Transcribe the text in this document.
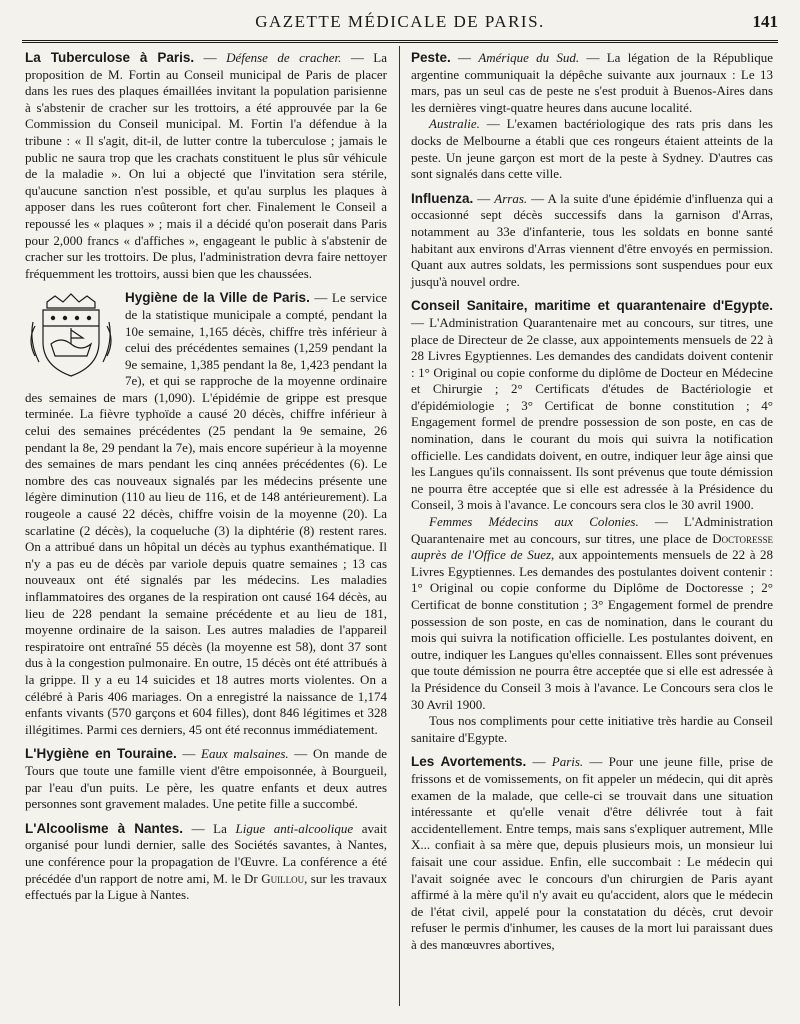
GAZETTE MÉDICALE DE PARIS.	141

La Tuberculose à Paris. — Défense de cracher. — La proposition de M. Fortin au Conseil municipal de Paris de placer dans les rues des plaques émaillées invitant la population parisienne à s'abstenir de cracher sur les trottoirs, a été approuvée par la 6e Commission du Conseil municipal. M. Fortin l'a défendue à la tribune : « Il s'agit, dit-il, de lutter contre la tuberculose ; jamais le public ne saura trop que les crachats constituent le plus sûr véhicule de la maladie ». On lui a objecté que l'invitation sera stérile, qu'aucune sanction n'est possible, et qu'au surplus les plaques à apposer dans les rues coûteront fort cher. Finalement le Conseil a repoussé les « plaques » ; mais il a décidé qu'on poserait dans Paris pour 2,000 francs « d'affiches », engageant le public à s'abstenir de cracher sur les trottoirs. De plus, l'administration devra faire nettoyer fréquemment les trottoirs, aussi bien que les chaussées.

Hygiène de la Ville de Paris. — Le service de la statistique municipale a compté, pendant la 10e semaine, 1,165 décès, chiffre très inférieur à celui des précédentes semaines (1,259 pendant la 9e semaine, 1,385 pendant la 8e, 1,423 pendant la 7e), et qui se rapproche de la moyenne ordinaire des semaines de mars (1,090). L'épidémie de grippe est presque terminée. La fièvre typhoïde a causé 20 décès, chiffre inférieur à celui des semaines précédentes (25 pendant la 9e semaine, 26 pendant la 8e, 29 pendant la 7e), mais encore supérieur à la moyenne des semaines de mars pendant les cinq années précédentes (6). Le nombre des cas nouveaux signalés par les médecins présente une légère diminution (110 au lieu de 116, et de 148 antérieurement). La rougeole a causé 22 décès, chiffre voisin de la moyenne (20). La scarlatine (2 décès), la coqueluche (3) la diphtérie (8) restent rares. On a attribué dans un hôpital un décès au typhus exanthématique. Il n'y a pas eu de décès par variole depuis quatre semaines ; 13 cas nouveaux ont été signalés par les médecins. Les maladies inflammatoires des organes de la respiration ont causé 164 décès, au lieu de 228 pendant la semaine précédente et au lieu de 181, moyenne ordinaire de la saison. Les autres maladies de l'appareil respiratoire ont entraîné 55 décès (la moyenne est 58), dont 37 sont dus à la congestion pulmonaire. En outre, 15 décès ont été attribués à la grippe. Il y a eu 14 suicides et 18 autres morts violentes. On a célébré à Paris 406 mariages. On a enregistré la naissance de 1,174 enfants vivants (570 garçons et 604 filles), dont 846 légitimes et 328 illégitimes. Parmi ces derniers, 45 ont été reconnus immédiatement.

L'Hygiène en Touraine. — Eaux malsaines. — On mande de Tours que toute une famille vient d'être empoisonnée, à Bourgueil, par l'eau d'un puits. Le père, les quatre enfants et deux autres personnes sont gravement malades. Une petite fille a succombé.

L'Alcoolisme à Nantes. — La Ligue anti-alcoolique avait organisé pour lundi dernier, salle des Sociétés savantes, à Nantes, une conférence pour la propagation de l'Œuvre. La conférence a été précédée d'un rapport de notre ami, M. le Dr Guillou, sur les travaux effectués par la Ligue à Nantes.

Peste. — Amérique du Sud. — La légation de la République argentine communiquait la dépêche suivante aux journaux : Le 13 mars, pas un seul cas de peste ne s'est produit à Buenos-Aires dans les dernières vingt-quatre heures dans aucune localité.

Australie. — L'examen bactériologique des rats pris dans les docks de Melbourne a établi que ces rongeurs étaient atteints de la peste. Un jeune garçon est mort de la peste à Sydney. D'autres cas sont signalés dans cette ville.

Influenza. — Arras. — A la suite d'une épidémie d'influenza qui a occasionné sept décès successifs dans la garnison d'Arras, notamment au 33e d'infanterie, tous les soldats en bonne santé habitant aux environs d'Arras viennent d'être envoyés en permission. Quant aux autres soldats, les permissions sont suspendues pour eux jusqu'à nouvel ordre.

Conseil Sanitaire, maritime et quarantenaire d'Egypte. — L'Administration Quarantenaire met au concours, sur titres, une place de Directeur de 2e classe, aux appointements mensuels de 22 à 28 Livres Egyptiennes. Les demandes des candidats doivent contenir : 1° Original ou copie conforme du diplôme de Docteur en Médecine et Chirurgie ; 2° Certificats d'études de Bactériologie et d'épidémiologie ; 3° Certificat de bonne constitution ; 4° Engagement formel de prendre possession de son poste, en cas de nomination, dans le courant du mois qui suivra la notification officielle. Les candidats doivent, en outre, indiquer leur âge ainsi que les Langues qu'ils connaissent. Ils sont prévenus que toute démission ne pourra être acceptée que si elle est adressée à la Présidence du Conseil, 3 mois à l'avance. Le concours sera clos le 30 avril 1900.

Femmes Médecins aux Colonies. — L'Administration Quarantenaire met au concours, sur titres, une place de Doctoresse auprès de l'Office de Suez, aux appointements mensuels de 22 à 28 Livres Egyptiennes. Les demandes des postulantes doivent contenir : 1° Original ou copie conforme du Diplôme de Doctoresse ; 2° Certificat de bonne constitution ; 3° Engagement formel de prendre possession de son poste, en cas de nomination, dans le courant du mois qui suivra la notification officielle. Les postulantes doivent, en outre, indiquer les Langues qu'elles connaissent. Elles sont prévenues que toute démission ne pourra être acceptée que si elle est adressée à la Présidence du Conseil 3 mois à l'avance. Le Concours sera clos le 30 Avril 1900.

Tous nos compliments pour cette initiative très hardie au Conseil sanitaire d'Egypte.

Les Avortements. — Paris. — Pour une jeune fille, prise de frissons et de vomissements, on fit appeler un médecin, qui dit après examen de la malade, que celle-ci se trouvait dans une situation intéressante et qu'elle venait d'être délivrée tout à fait accidentellement. Entre temps, mais sans s'expliquer autrement, Mlle X... confiait à sa mère que, depuis plusieurs mois, un monsieur lui faisait une cour assidue. Enfin, elle succombait : Le médecin qui l'avait soignée avec le concours d'un chirurgien de Paris ayant affirmé à la mère qu'il n'y avait eu qu'accident, alors que le médecin de l'état civil, appelé pour la constatation du décès, crut devoir refuser le permis d'inhumer, les causes de la mort lui paraissant dues à des manœuvres abortives,
